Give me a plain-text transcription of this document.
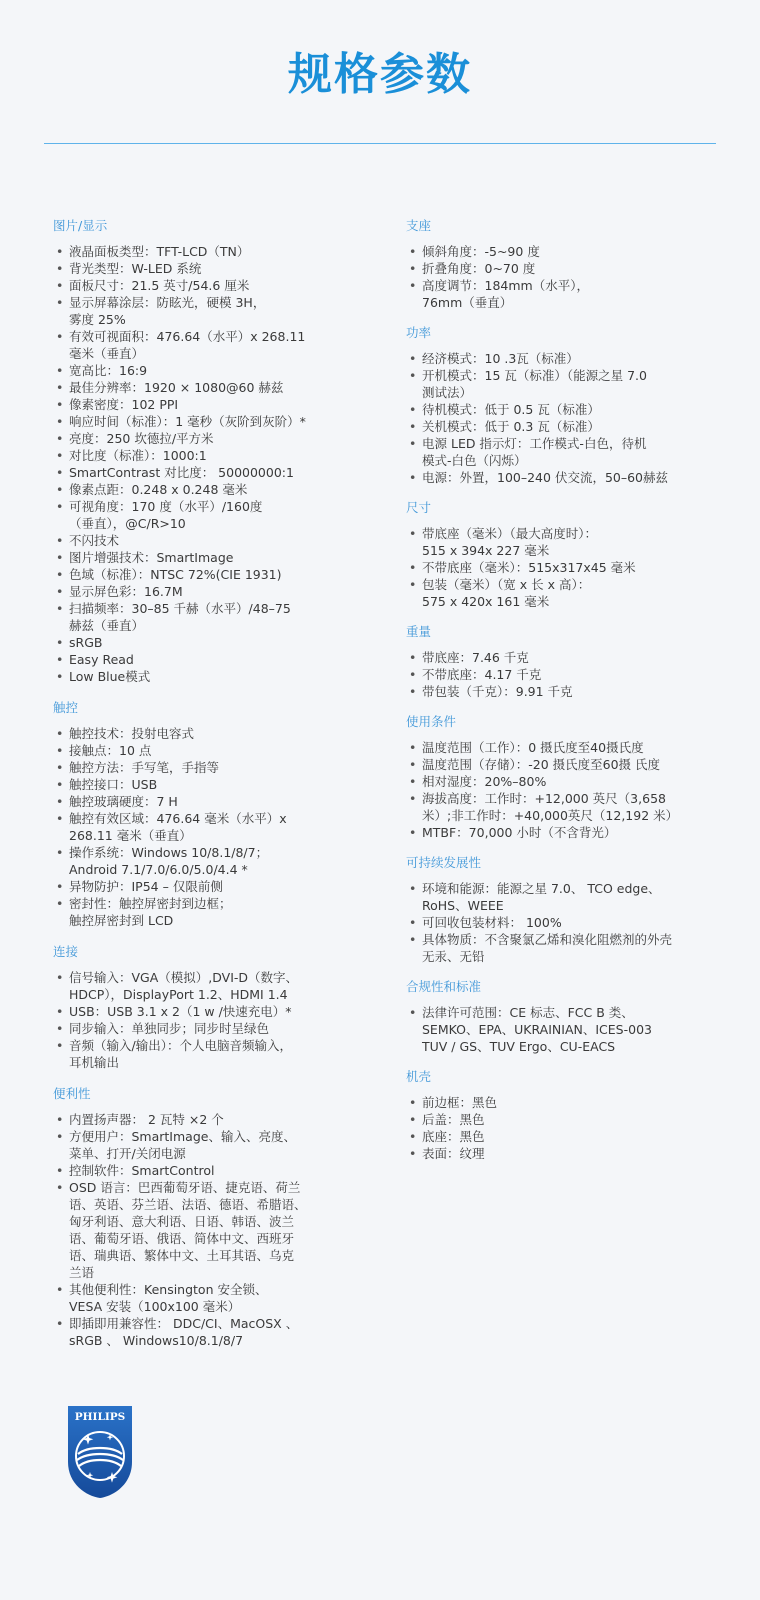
规格参数
图片/显示
• 液晶面板类型：TFT-LCD（TN）
• 背光类型：W-LED 系统
• 面板尺寸：21.5 英寸/54.6 厘米
• 显示屏幕涂层：防眩光，硬模 3H，
雾度 25%
• 有效可视面积：476.64（水平）x 268.11
毫米（垂直）
• 宽高比：16:9
• 最佳分辨率：1920 × 1080@60 赫兹
• 像素密度：102 PPI
• 响应时间（标准）：1 毫秒（灰阶到灰阶）*
• 亮度：250 坎德拉/平方米
• 对比度（标准）：1000:1
• SmartContrast 对比度： 50000000:1
• 像素点距：0.248 x 0.248 毫米
• 可视角度：170 度（水平）/160度
（垂直），@C/R>10
• 不闪技术
• 图片增强技术：SmartImage
• 色域（标准）：NTSC 72%(CIE 1931)
• 显示屏色彩：16.7M
• 扫描频率：30–85 千赫（水平）/48–75
赫兹（垂直）
• sRGB
• Easy Read
• Low Blue模式
触控
• 触控技术：投射电容式
• 接触点：10 点
• 触控方法：手写笔，手指等
• 触控接口：USB
• 触控玻璃硬度：7 H
• 触控有效区域：476.64 毫米（水平）x
268.11 毫米（垂直）
• 操作系统：Windows 10/8.1/8/7；
Android 7.1/7.0/6.0/5.0/4.4 *
• 异物防护：IP54 – 仅限前侧
• 密封性：触控屏密封到边框；
触控屏密封到 LCD
连接
• 信号输入：VGA（模拟）,DVI-D（数字、
HDCP），DisplayPort 1.2、HDMI 1.4
• USB：USB 3.1 x 2（1 w /快速充电）*
• 同步输入：单独同步；同步时呈绿色
• 音频（输入/输出）：个人电脑音频输入，
耳机输出
便利性
• 内置扬声器： 2 瓦特 ×2 个
• 方便用户：SmartImage、输入、亮度、
菜单、打开/关闭电源
• 控制软件：SmartControl
• OSD 语言：巴西葡萄牙语、捷克语、荷兰
语、英语、芬兰语、法语、德语、希腊语、
匈牙利语、意大利语、日语、韩语、波兰
语、葡萄牙语、俄语、简体中文、西班牙
语、瑞典语、繁体中文、土耳其语、乌克
兰语
• 其他便利性：Kensington 安全锁、
VESA 安装（100x100 毫米）
• 即插即用兼容性： DDC/CI、MacOSX 、
sRGB 、 Windows10/8.1/8/7
支座
• 倾斜角度：-5~90 度
• 折叠角度：0~70 度
• 高度调节：184mm（水平），
76mm（垂直）
功率
• 经济模式：10 .3瓦（标准）
• 开机模式：15 瓦（标准）（能源之星 7.0
测试法）
• 待机模式：低于 0.5 瓦（标准）
• 关机模式：低于 0.3 瓦（标准）
• 电源 LED 指示灯：工作模式-白色，待机
模式-白色（闪烁）
• 电源：外置，100–240 伏交流，50–60赫兹
尺寸
• 带底座（毫米）（最大高度时）：
515 x 394x 227 毫米
• 不带底座（毫米）：515x317x45 毫米
• 包装（毫米）（宽 x 长 x 高）：
575 x 420x 161 毫米
重量
• 带底座：7.46 千克
• 不带底座：4.17 千克
• 带包装（千克）：9.91 千克
使用条件
• 温度范围（工作）：0 摄氏度至40摄氏度
• 温度范围（存储）：-20 摄氏度至60摄 氏度
• 相对湿度：20%–80%
• 海拔高度：工作时：+12,000 英尺（3,658
米）;非工作时：+40,000英尺（12,192 米）
• MTBF：70,000 小时（不含背光）
可持续发展性
• 环境和能源：能源之星 7.0、 TCO edge、
RoHS、WEEE
• 可回收包装材料： 100%
• 具体物质：不含聚氯乙烯和溴化阻燃剂的外壳
无汞、无铅
合规性和标准
• 法律许可范围：CE 标志、FCC B 类、
SEMKO、EPA、UKRAINIAN、ICES-003
TUV / GS、TUV Ergo、CU-EACS
机壳
• 前边框：黑色
• 后盖：黑色
• 底座：黑色
• 表面：纹理
PHILIPS
